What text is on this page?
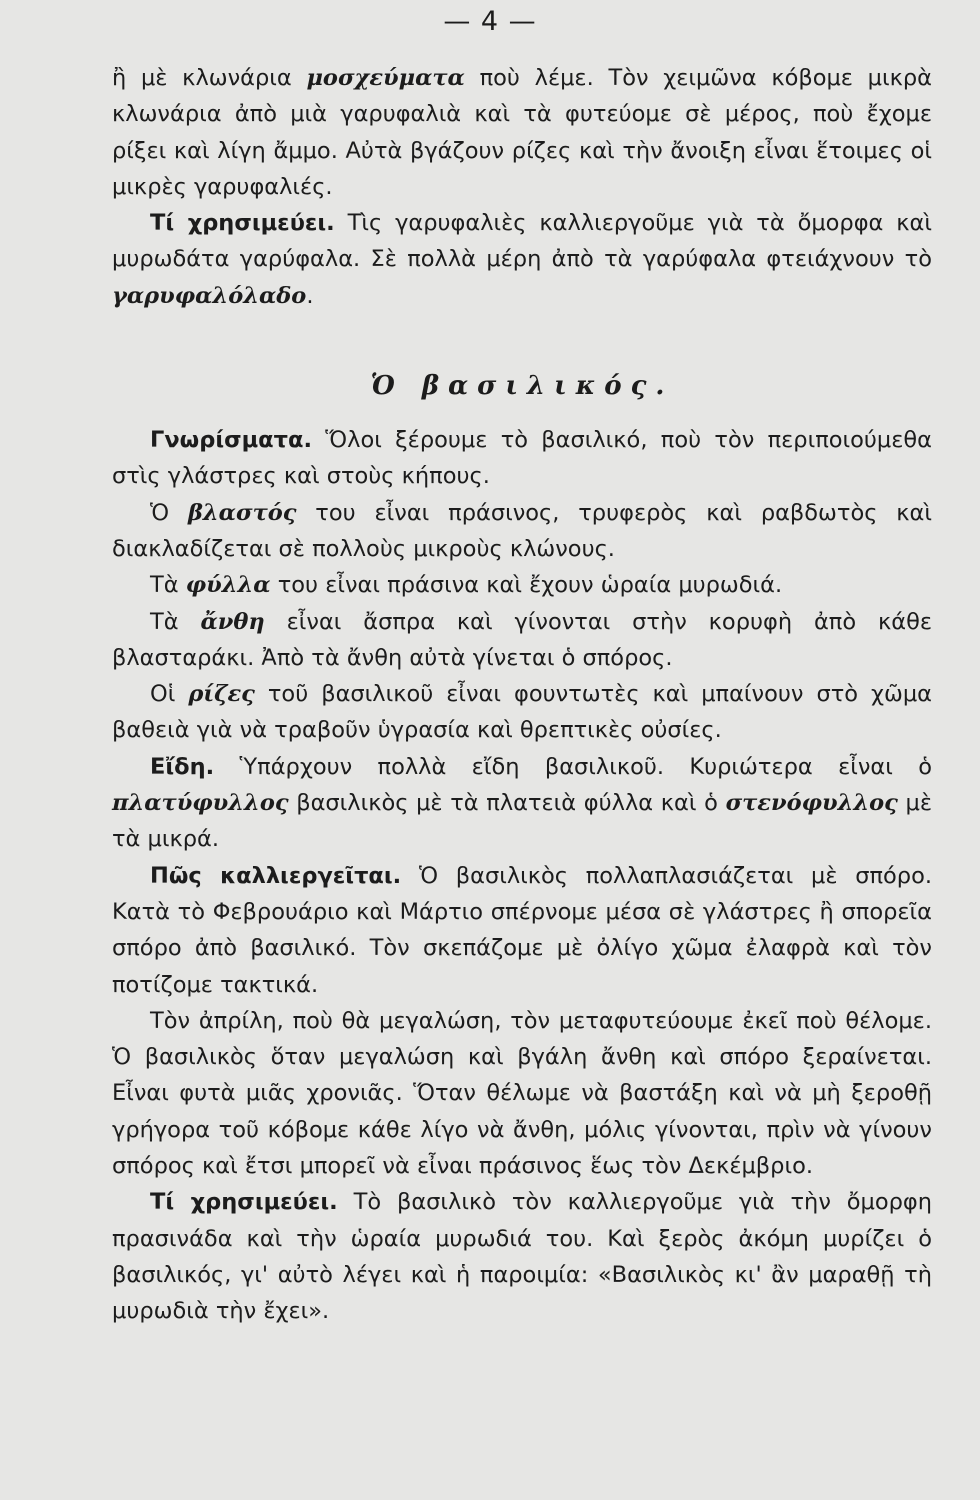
— 4 —

ἢ μὲ κλωνάρια μοσχεύματα ποὺ λέμε. Τὸν χειμῶνα κόβομε μικρὰ κλωνάρια ἀπὸ μιὰ γαρυφαλιὰ καὶ τὰ φυτεύομε σὲ μέρος, ποὺ ἔχομε ρίξει καὶ λίγη ἄμμο. Αὐτὰ βγάζουν ρίζες καὶ τὴν ἄνοιξη εἶναι ἕτοιμες οἱ μικρὲς γαρυφαλιές.

Τί χρησιμεύει. Τὶς γαρυφαλιὲς καλλιεργοῦμε γιὰ τὰ ὄμορφα καὶ μυρωδάτα γαρύφαλα. Σὲ πολλὰ μέρη ἀπὸ τὰ γαρύφαλα φτειάχνουν τὸ γαρυφαλόλαδο.

Ὁ βασιλικός.

Γνωρίσματα. Ὅλοι ξέρουμε τὸ βασιλικό, ποὺ τὸν περιποιούμεθα στὶς γλάστρες καὶ στοὺς κήπους.

Ὁ βλαστός του εἶναι πράσινος, τρυφερὸς καὶ ραβδωτὸς καὶ διακλαδίζεται σὲ πολλοὺς μικροὺς κλώνους.

Τὰ φύλλα του εἶναι πράσινα καὶ ἔχουν ὡραία μυρωδιά.

Τὰ ἄνθη εἶναι ἄσπρα καὶ γίνονται στὴν κορυφὴ ἀπὸ κάθε βλασταράκι. Ἀπὸ τὰ ἄνθη αὐτὰ γίνεται ὁ σπόρος.

Οἱ ρίζες τοῦ βασιλικοῦ εἶναι φουντωτὲς καὶ μπαίνουν στὸ χῶμα βαθειὰ γιὰ νὰ τραβοῦν ὑγρασία καὶ θρεπτικὲς οὐσίες.

Εἴδη. Ὑπάρχουν πολλὰ εἴδη βασιλικοῦ. Κυριώτερα εἶναι ὁ πλατύφυλλος βασιλικὸς μὲ τὰ πλατειὰ φύλλα καὶ ὁ στενόφυλλος μὲ τὰ μικρά.

Πῶς καλλιεργεῖται. Ὁ βασιλικὸς πολλαπλασιάζεται μὲ σπόρο. Κατὰ τὸ Φεβρουάριο καὶ Μάρτιο σπέρνομε μέσα σὲ γλάστρες ἢ σπορεῖα σπόρο ἀπὸ βασιλικό. Τὸν σκεπάζομε μὲ ὀλίγο χῶμα ἐλαφρὰ καὶ τὸν ποτίζομε τακτικά.

Τὸν ἀπρίλη, ποὺ θὰ μεγαλώση, τὸν μεταφυτεύουμε ἐκεῖ ποὺ θέλομε. Ὁ βασιλικὸς ὅταν μεγαλώση καὶ βγάλη ἄνθη καὶ σπόρο ξεραίνεται. Εἶναι φυτὰ μιᾶς χρονιᾶς. Ὅταν θέλωμε νὰ βαστάξη καὶ νὰ μὴ ξεροθῇ γρήγορα τοῦ κόβομε κάθε λίγο νὰ ἄνθη, μόλις γίνονται, πρὶν νὰ γίνουν σπόρος καὶ ἔτσι μπορεῖ νὰ εἶναι πράσινος ἕως τὸν Δεκέμβριο.

Τί χρησιμεύει. Τὸ βασιλικὸ τὸν καλλιεργοῦμε γιὰ τὴν ὄμορφη πρασινάδα καὶ τὴν ὡραία μυρωδιά του. Καὶ ξερὸς ἀκόμη μυρίζει ὁ βασιλικός, γι' αὐτὸ λέγει καὶ ἡ παροιμία: «Βασιλικὸς κι' ἂν μαραθῇ τὴ μυρωδιὰ τὴν ἔχει».
